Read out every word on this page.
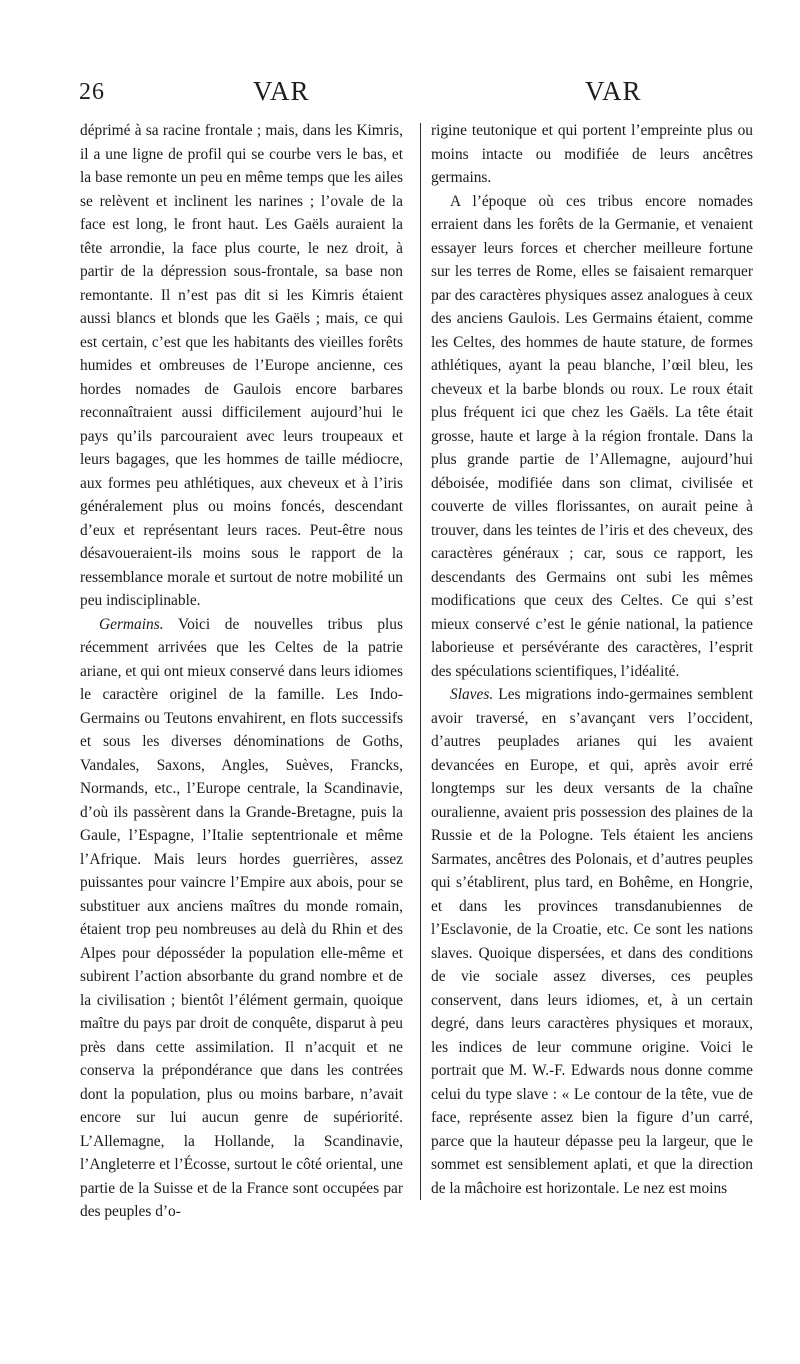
26	VAR	VAR

déprimé à sa racine frontale ; mais, dans les Kimris, il a une ligne de profil qui se courbe vers le bas, et la base remonte un peu en même temps que les ailes se relèvent et inclinent les narines ; l’ovale de la face est long, le front haut. Les Gaëls auraient la tête arrondie, la face plus courte, le nez droit, à partir de la dépression sous-frontale, sa base non remontante. Il n’est pas dit si les Kimris étaient aussi blancs et blonds que les Gaëls ; mais, ce qui est certain, c’est que les habitants des vieilles forêts humides et ombreuses de l’Europe ancienne, ces hordes nomades de Gaulois encore barbares reconnaîtraient aussi difficilement aujourd’hui le pays qu’ils parcouraient avec leurs troupeaux et leurs bagages, que les hommes de taille médiocre, aux formes peu athlétiques, aux cheveux et à l’iris généralement plus ou moins foncés, descendant d’eux et représentant leurs races. Peut-être nous désavoueraient-ils moins sous le rapport de la ressemblance morale et surtout de notre mobilité un peu indisciplinable.

Germains. Voici de nouvelles tribus plus récemment arrivées que les Celtes de la patrie ariane, et qui ont mieux conservé dans leurs idiomes le caractère originel de la famille. Les Indo-Germains ou Teutons envahirent, en flots successifs et sous les diverses dénominations de Goths, Vandales, Saxons, Angles, Suèves, Francks, Normands, etc., l’Europe centrale, la Scandinavie, d’où ils passèrent dans la Grande-Bretagne, puis la Gaule, l’Espagne, l’Italie septentrionale et même l’Afrique. Mais leurs hordes guerrières, assez puissantes pour vaincre l’Empire aux abois, pour se substituer aux anciens maîtres du monde romain, étaient trop peu nombreuses au delà du Rhin et des Alpes pour déposséder la population elle-même et subirent l’action absorbante du grand nombre et de la civilisation ; bientôt l’élément germain, quoique maître du pays par droit de conquête, disparut à peu près dans cette assimilation. Il n’acquit et ne conserva la prépondérance que dans les contrées dont la population, plus ou moins barbare, n’avait encore sur lui aucun genre de supériorité. L’Allemagne, la Hollande, la Scandinavie, l’Angleterre et l’Écosse, surtout le côté oriental, une partie de la Suisse et de la France sont occupées par des peuples d’o-

rigine teutonique et qui portent l’empreinte plus ou moins intacte ou modifiée de leurs ancêtres germains.

A l’époque où ces tribus encore nomades erraient dans les forêts de la Germanie, et venaient essayer leurs forces et chercher meilleure fortune sur les terres de Rome, elles se faisaient remarquer par des caractères physiques assez analogues à ceux des anciens Gaulois. Les Germains étaient, comme les Celtes, des hommes de haute stature, de formes athlétiques, ayant la peau blanche, l’œil bleu, les cheveux et la barbe blonds ou roux. Le roux était plus fréquent ici que chez les Gaëls. La tête était grosse, haute et large à la région frontale. Dans la plus grande partie de l’Allemagne, aujourd’hui déboisée, modifiée dans son climat, civilisée et couverte de villes florissantes, on aurait peine à trouver, dans les teintes de l’iris et des cheveux, des caractères généraux ; car, sous ce rapport, les descendants des Germains ont subi les mêmes modifications que ceux des Celtes. Ce qui s’est mieux conservé c’est le génie national, la patience laborieuse et persévérante des caractères, l’esprit des spéculations scientifiques, l’idéalité.

Slaves. Les migrations indo-germaines semblent avoir traversé, en s’avançant vers l’occident, d’autres peuplades arianes qui les avaient devancées en Europe, et qui, après avoir erré longtemps sur les deux versants de la chaîne ouralienne, avaient pris possession des plaines de la Russie et de la Pologne. Tels étaient les anciens Sarmates, ancêtres des Polonais, et d’autres peuples qui s’établirent, plus tard, en Bohême, en Hongrie, et dans les provinces transdanubiennes de l’Esclavonie, de la Croatie, etc. Ce sont les nations slaves. Quoique dispersées, et dans des conditions de vie sociale assez diverses, ces peuples conservent, dans leurs idiomes, et, à un certain degré, dans leurs caractères physiques et moraux, les indices de leur commune origine. Voici le portrait que M. W.-F. Edwards nous donne comme celui du type slave : « Le contour de la tête, vue de face, représente assez bien la figure d’un carré, parce que la hauteur dépasse peu la largeur, que le sommet est sensiblement aplati, et que la direction de la mâchoire est horizontale. Le nez est moins
